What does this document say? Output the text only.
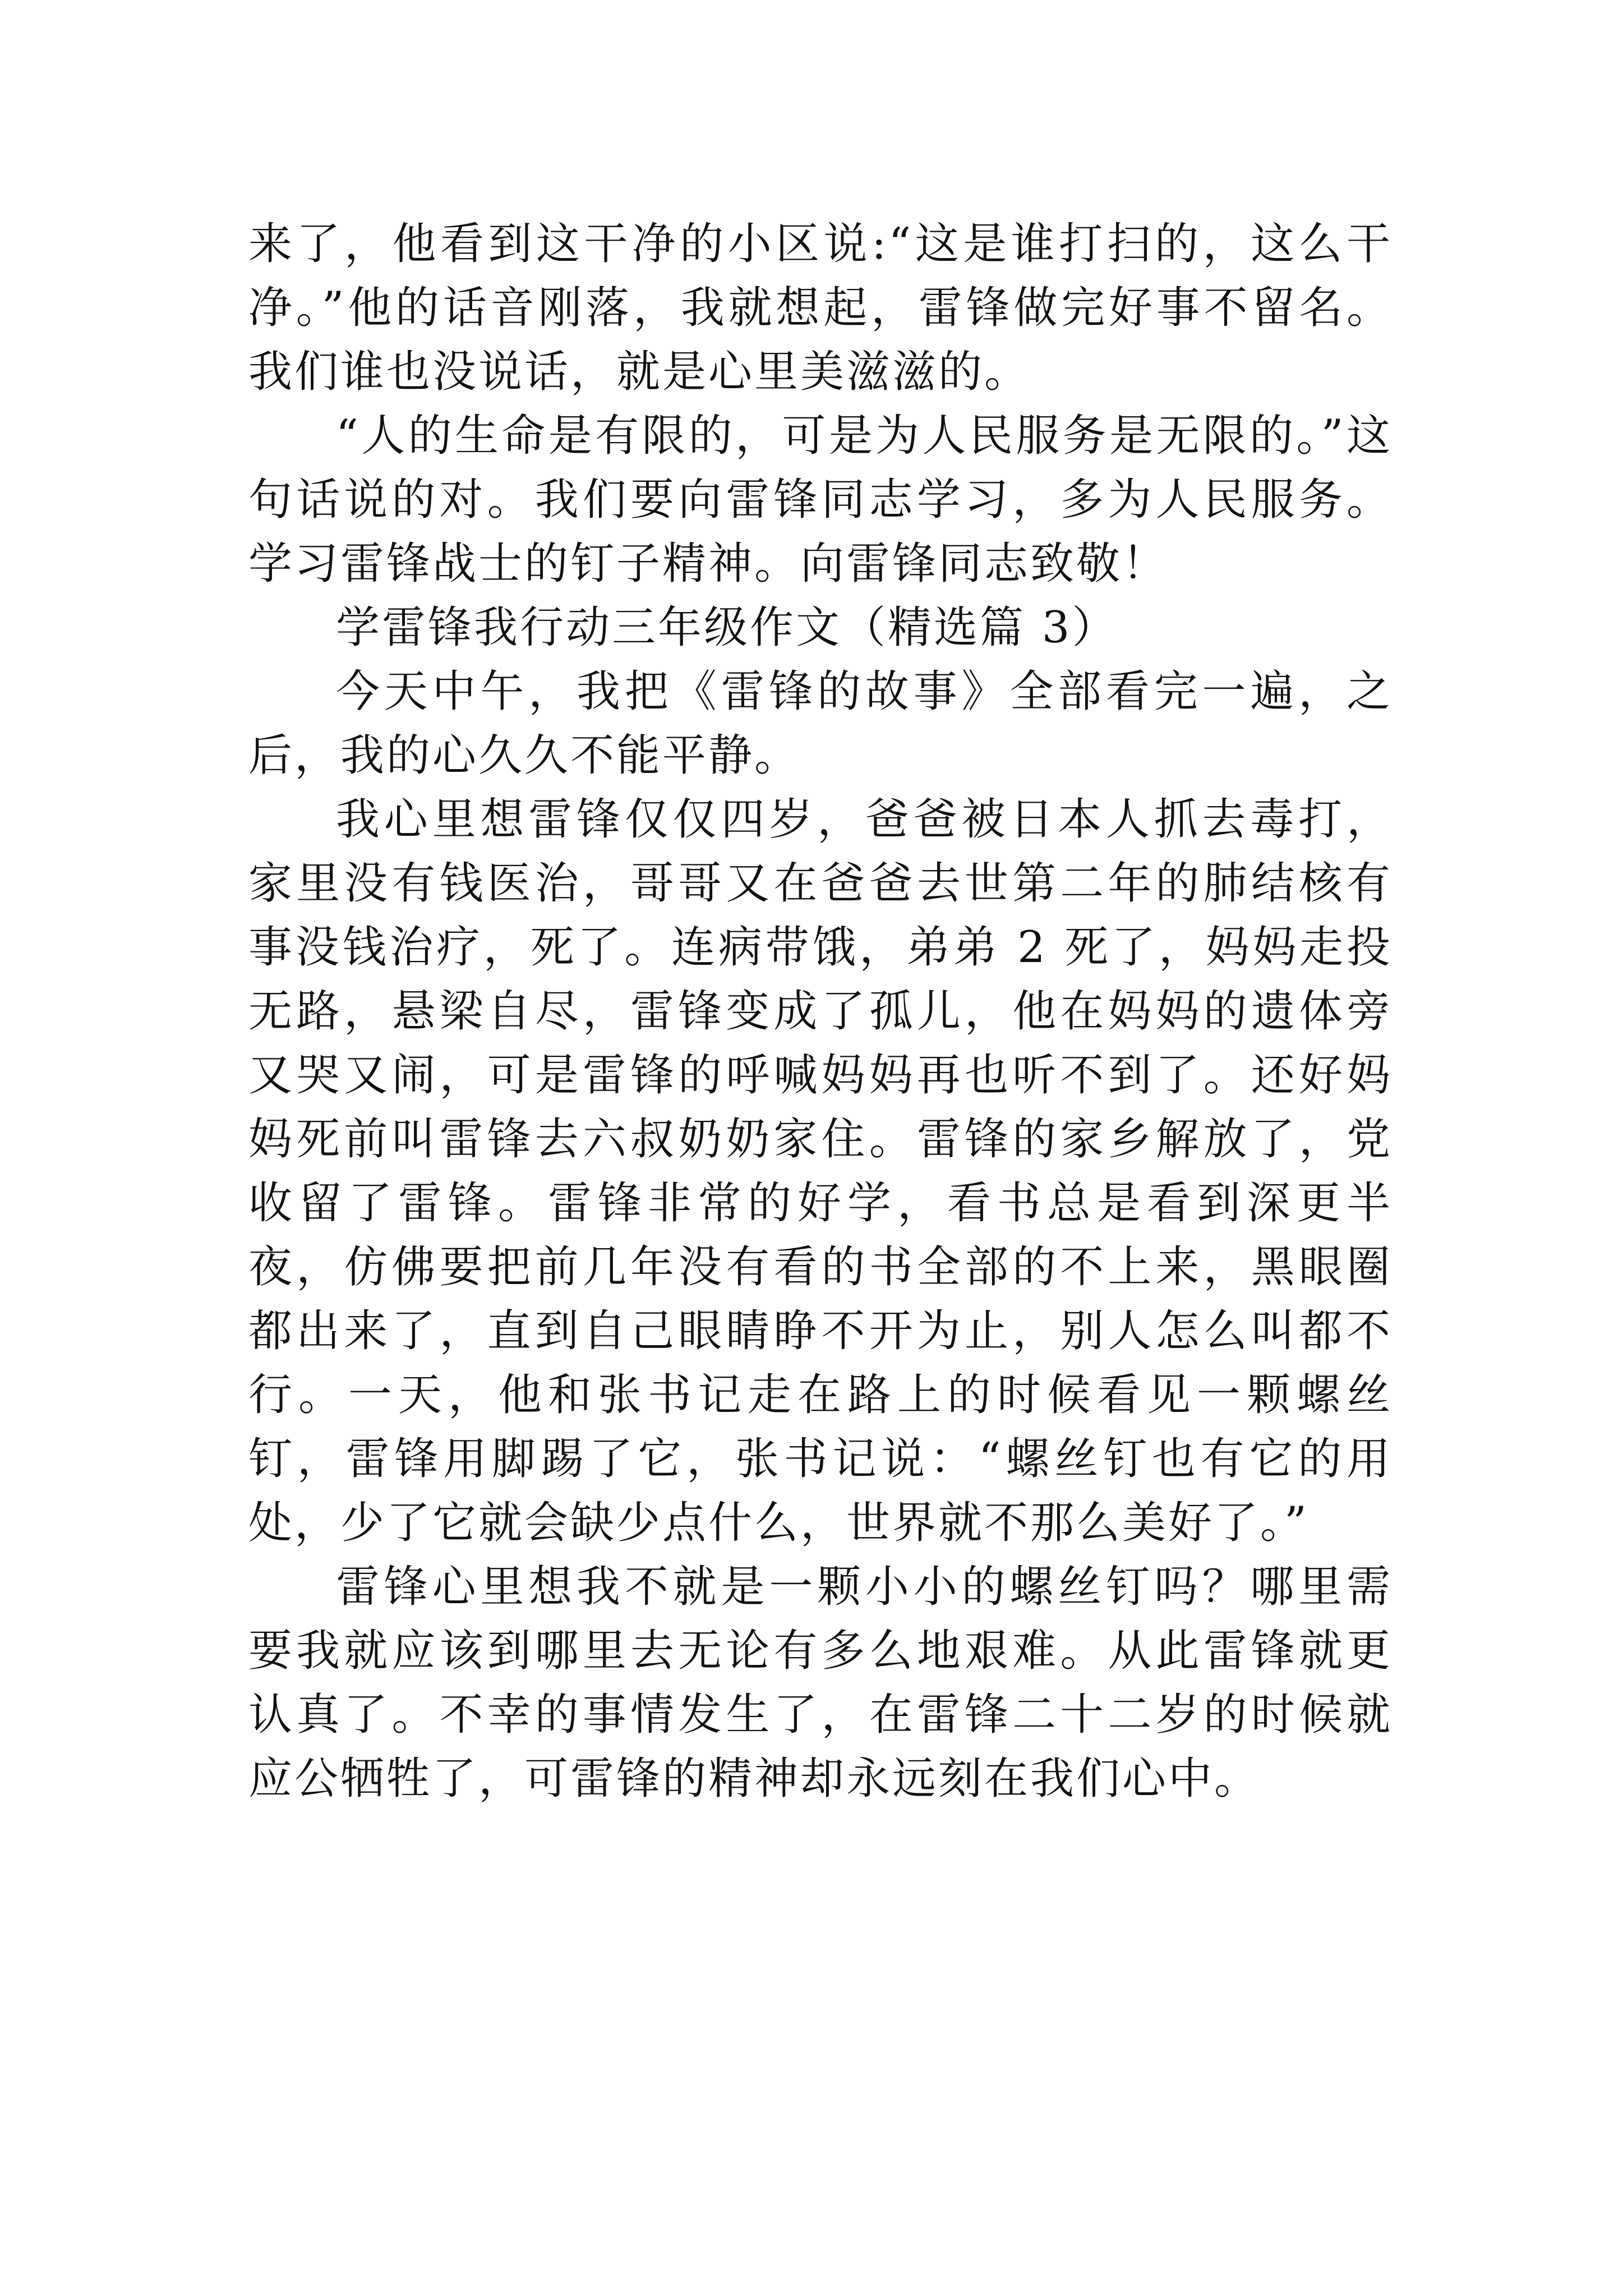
来了，他看到这干净的小区说:“这是谁打扫的，这么干净。”他的话音刚落，我就想起，雷锋做完好事不留名。我们谁也没说话，就是心里美滋滋的。

“人的生命是有限的，可是为人民服务是无限的。”这句话说的对。我们要向雷锋同志学习，多为人民服务。学习雷锋战士的钉子精神。向雷锋同志致敬！

学雷锋我行动三年级作文（精选篇 3）

今天中午，我把《雷锋的故事》全部看完一遍，之后，我的心久久不能平静。

我心里想雷锋仅仅四岁，爸爸被日本人抓去毒打，家里没有钱医治，哥哥又在爸爸去世第二年的肺结核有事没钱治疗，死了。连病带饿，弟弟 2 死了，妈妈走投无路，悬梁自尽，雷锋变成了孤儿，他在妈妈的遗体旁又哭又闹，可是雷锋的呼喊妈妈再也听不到了。还好妈妈死前叫雷锋去六叔奶奶家住。雷锋的家乡解放了，党收留了雷锋。雷锋非常的好学，看书总是看到深更半夜，仿佛要把前几年没有看的书全部的不上来，黑眼圈都出来了，直到自己眼睛睁不开为止，别人怎么叫都不行。一天，他和张书记走在路上的时候看见一颗螺丝钉，雷锋用脚踢了它，张书记说：“螺丝钉也有它的用处，少了它就会缺少点什么，世界就不那么美好了。”

雷锋心里想我不就是一颗小小的螺丝钉吗？哪里需要我就应该到哪里去无论有多么地艰难。从此雷锋就更认真了。不幸的事情发生了，在雷锋二十二岁的时候就应公牺牲了，可雷锋的精神却永远刻在我们心中。
